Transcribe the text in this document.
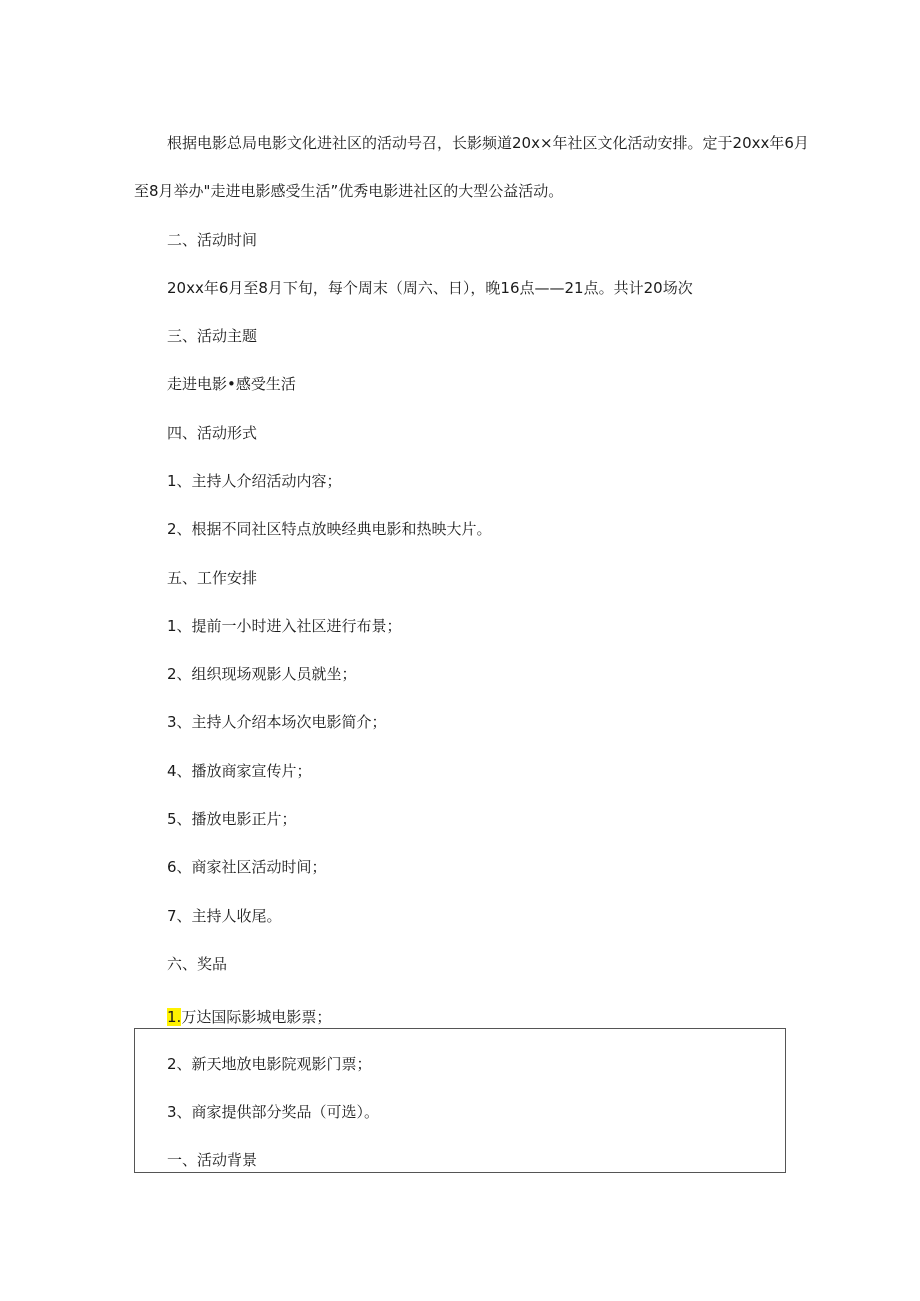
根据电影总局电影文化进社区的活动号召，长影频道20x×年社区文化活动安排。定于20xx年6月
至8月举办"走进电影感受生活”优秀电影进社区的大型公益活动。
二、活动时间
20xx年6月至8月下旬，每个周末（周六、日），晚16点——21点。共计20场次
三、活动主题
走进电影•感受生活
四、活动形式
1、主持人介绍活动内容；
2、根据不同社区特点放映经典电影和热映大片。
五、工作安排
1、提前一小时进入社区进行布景；
2、组织现场观影人员就坐；
3、主持人介绍本场次电影简介；
4、播放商家宣传片；
5、播放电影正片；
6、商家社区活动时间；
7、主持人收尾。
六、奖品
1.万达国际影城电影票；
2、新天地放电影院观影门票；
3、商家提供部分奖品（可选）。
一、活动背景
